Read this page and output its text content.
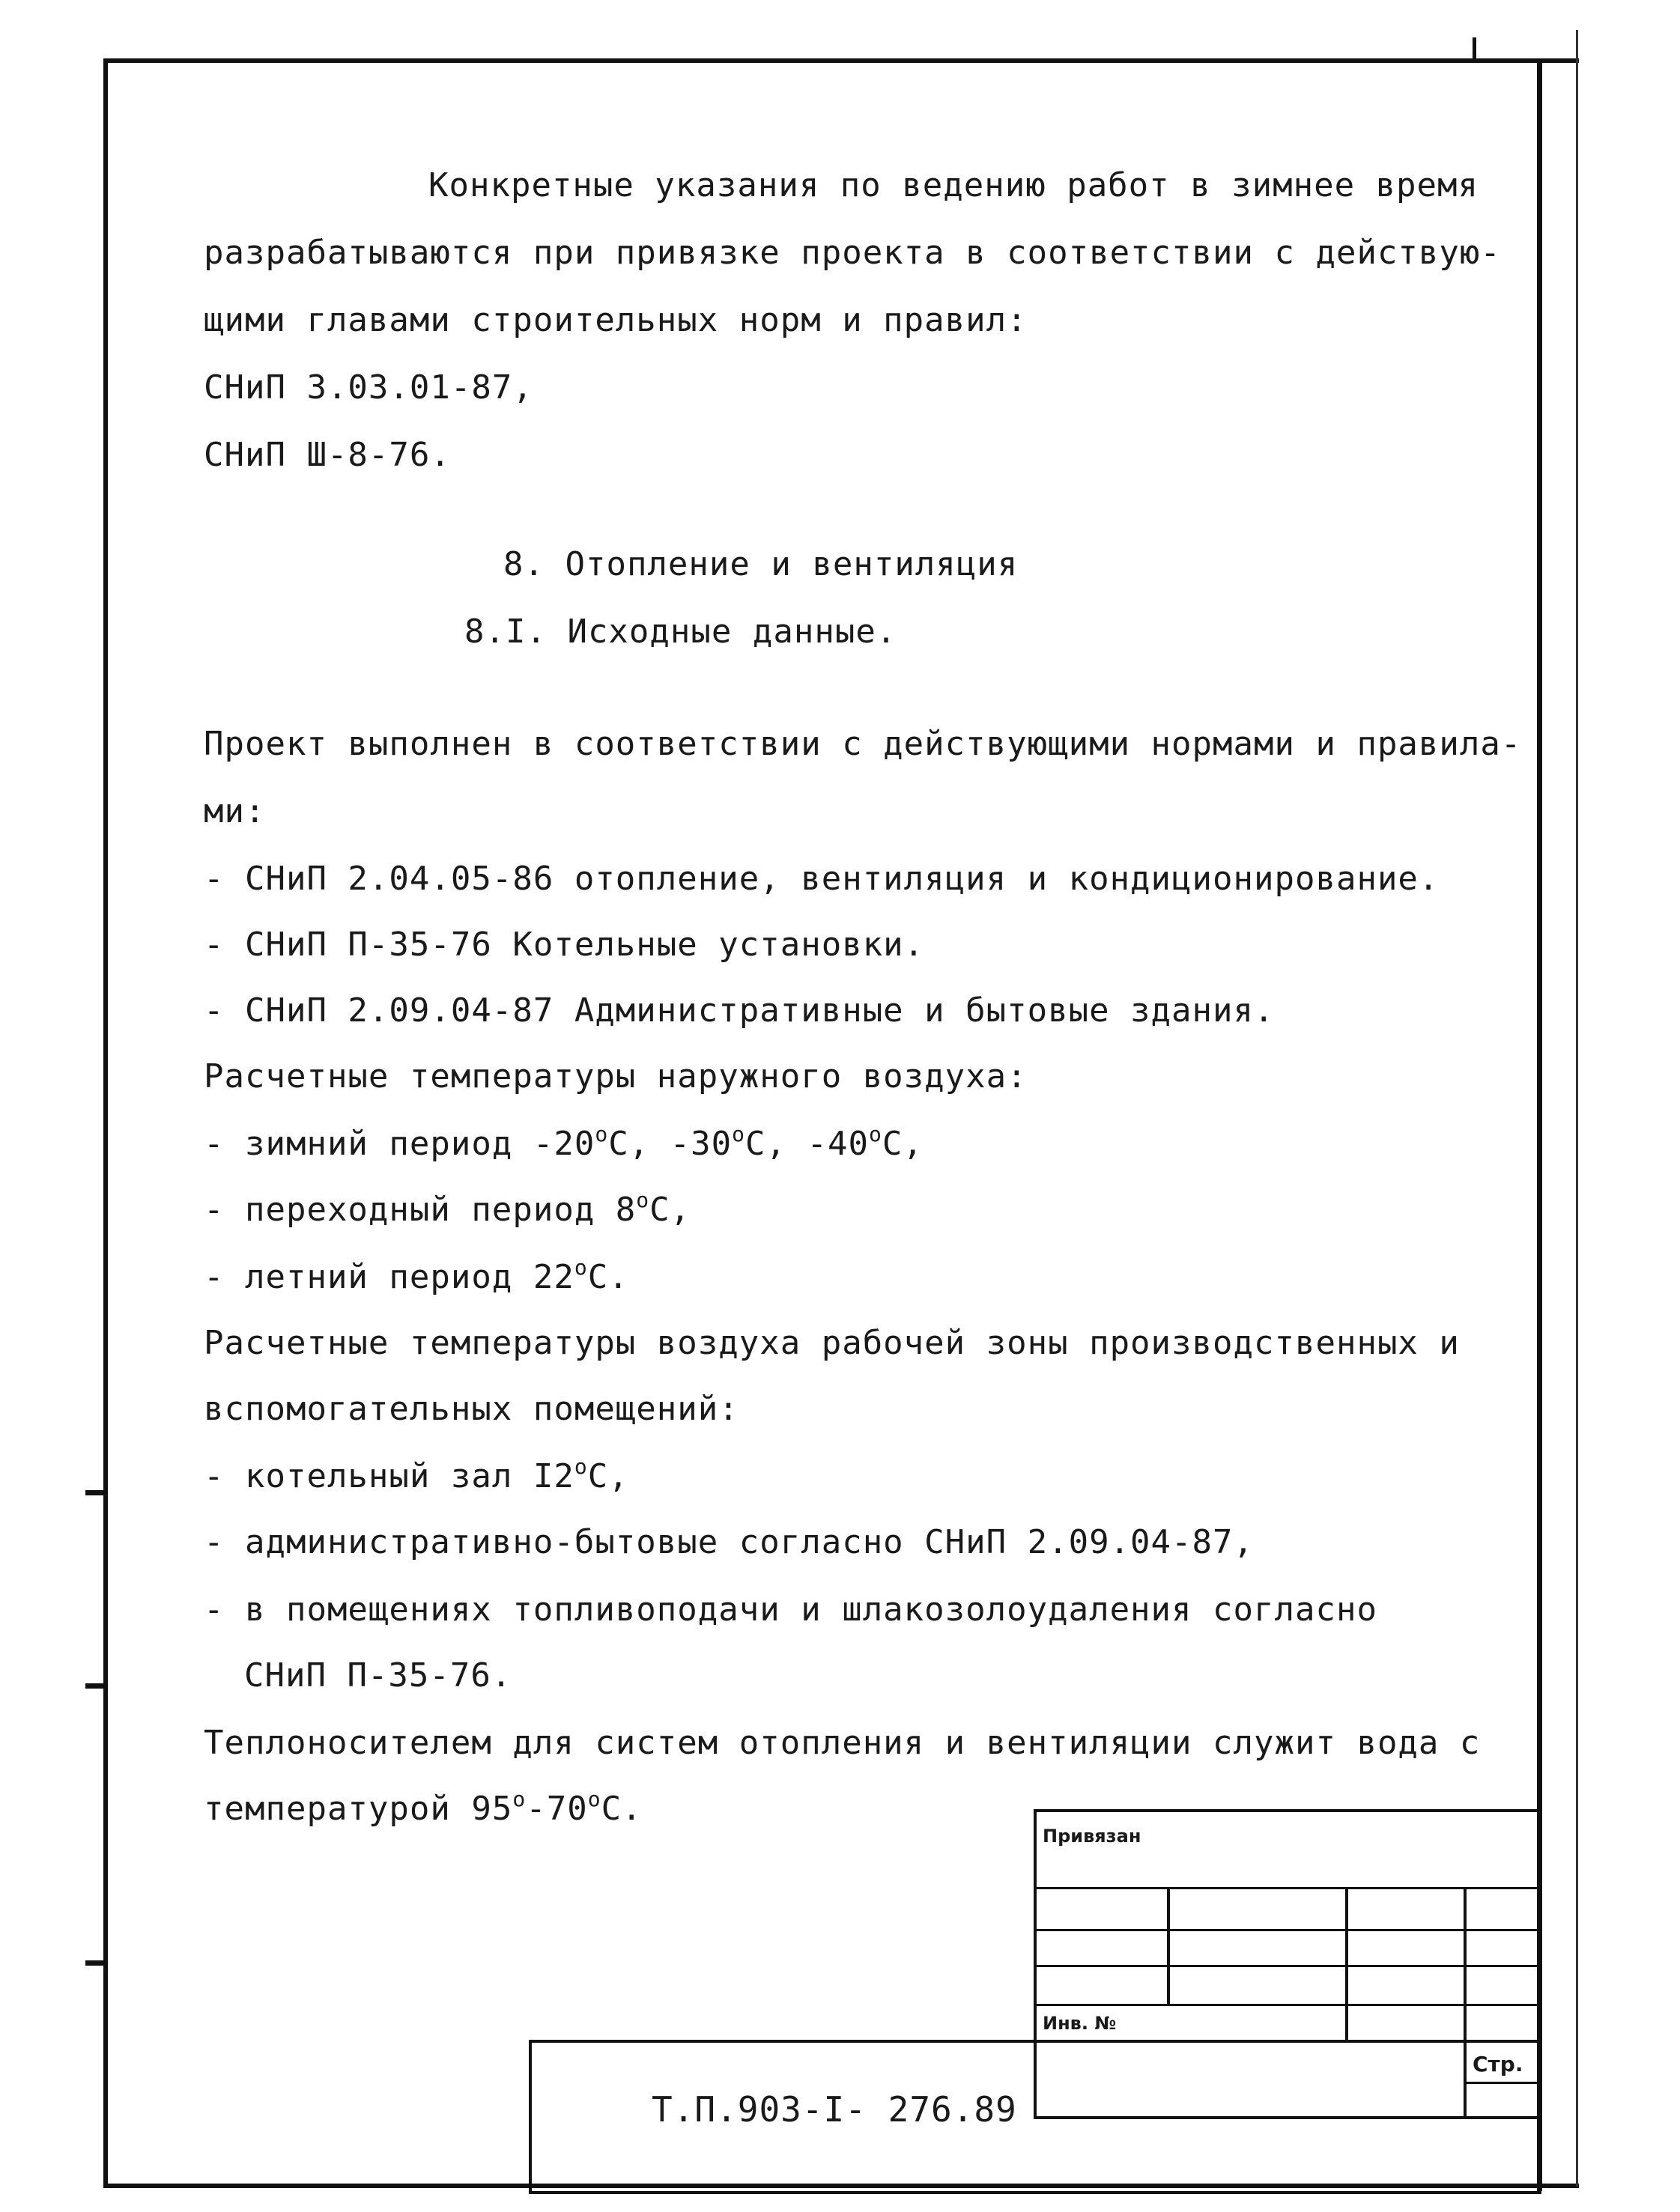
Конкретные указания по ведению работ в зимнее время
разрабатываются при привязке проекта в соответствии с действую-
щими главами строительных норм и правил:
СНиП 3.03.01-87,
СНиП Ш-8-76.
8. Отопление и вентиляция
8.I. Исходные данные.
Проект выполнен в соответствии с действующими нормами и правила-
ми:
- СНиП 2.04.05-86 отопление, вентиляция и кондиционирование.
- СНиП П-35-76 Котельные установки.
- СНиП 2.09.04-87 Административные и бытовые здания.
Расчетные температуры наружного воздуха:
- зимний период -20$^o$С, -30$^o$С, -40$^o$С,
- переходный период 8$^o$С,
- летний период 22$^o$С.
Расчетные температуры воздуха рабочей зоны производственных и
вспомогательных помещений:
- котельный зал I2$^o$С,
- административно-бытовые согласно СНиП 2.09.04-87,
- в помещениях топливоподачи и шлакозолоудаления согласно
СНиП П-35-76.
Теплоносителем для систем отопления и вентиляции служит вода с
температурой 95$^o$-70$^o$С.
Привязан
Инв. №
Стр.
Т.П.903-I- 276.89
